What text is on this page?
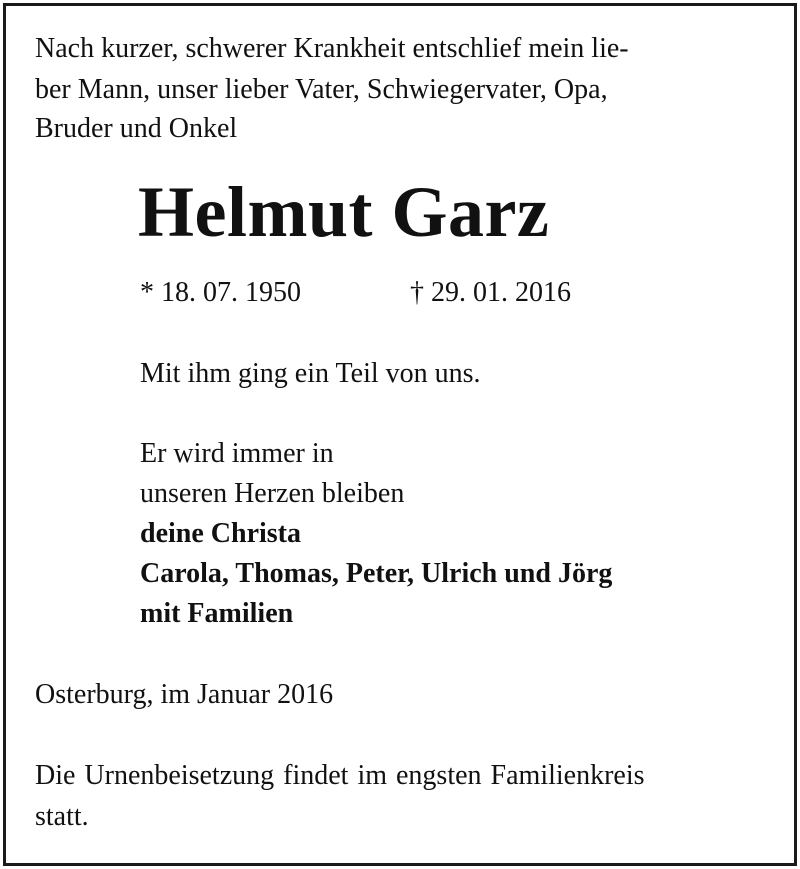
Nach kurzer, schwerer Krankheit entschlief mein lie-
ber Mann, unser lieber Vater, Schwiegervater, Opa,
Bruder und Onkel
Helmut Garz
* 18. 07. 1950	† 29. 01. 2016
Mit ihm ging ein Teil von uns.
Er wird immer in
unseren Herzen bleiben
deine Christa
Carola, Thomas, Peter, Ulrich und Jörg
mit Familien
Osterburg, im Januar 2016
Die Urnenbeisetzung findet im engsten Familienkreis
statt.
